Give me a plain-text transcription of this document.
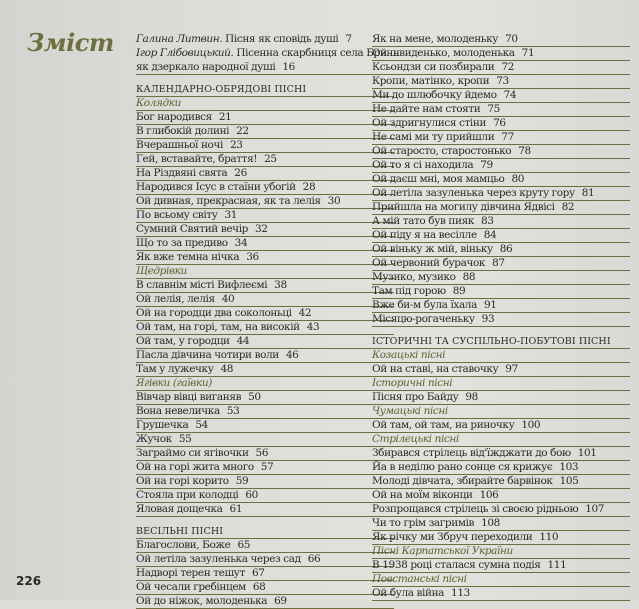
Зміст Галина Литвин. Пісня як сповідь душі 7
Ігор Глібовицький. Пісенна скарбниця села Бринь
як дзеркало народної душі 16
КАЛЕНДАРНО-ОБРЯДОВІ ПІСНІ
Колядки
Бог народився 21
В глибокій долині 22
Вчерашньої ночі 23
Гей, вставайте, браття! 25
На Різдвяні свята 26
Народився Ісус в стаїни убогій 28
Ой дивная, прекрасная, як та лелія 30
По всьому світу 31
Сумний Святий вечір 32
Що то за предиво 34
Як вже темна нічка 36
Щедрівки
В славнім місті Вифлеємі 38
Ой лелія, лелія 40
Ой на городци два соколоньці 42
Ой там, на горі, там, на високій 43
Ой там, у городци 44
Пасла дівчина чотири воли 46
Там у лужечку 48
Ягівки (гаївки)
Вівчар вівці виганяв 50
Вона невеличка 53
Грушечка 54
Жучок 55
Заграймо си ягівочки 56
Ой на горі жита много 57
Ой на горі корито 59
Стояла при колодці 60
Яловая дощечка 61
ВЕСІЛЬНІ ПІСНІ
Благослови, Боже 65
Ой летіла зазуленька через сад 66
Надворі терен тешут 67
Ой чесали гребінцем 68
Ой до ніжок, молоденька 69
Як на мене, молоденьку 70
Ой швиденько, молоденька 71
Ксьондзи си позбирали 72
Кропи, матінко, кропи 73
Ми до шлюбочку йдемо 74
Не дайте нам стояти 75
Ой здригнулися стіни 76
Не самі ми ту прийшли 77
Ой старосто, старостонько 78
Ой то я сі находила 79
Ой даєш мні, моя мамцьо 80
Ой летіла зазуленька через круту гору 81
Прийшла на могилу дівчина Ядвісі 82
А мій тато був пияк 83
Ой піду я на весілле 84
Ой віньку ж мій, віньку 86
Ой червоний бурачок 87
Музико, музико 88
Там під горою 89
Вже би-м була їхала 91
Місяцю-рогаченьку 93
ІСТОРИЧНІ ТА СУСПІЛЬНО-ПОБУТОВІ ПІСНІ
Козацькі пісні
Ой на ставі, на ставочку 97
Історичні пісні
Пісня про Байду 98
Чумацькі пісні
Ой там, ой там, на риночку 100
Стрілецькі пісні
Збирався стрілець від'їжджати до бою 101
Йа в неділю рано сонце ся крижує 103
Молоді дівчата, збирайте барвінок 105
Ой на моїм віконци 106
Розпрощався стрілець зі своєю рідньою 107
Чи то грім загримів 108
Як річку ми Збруч переходили 110
Пісні Карпатської України
В 1938 році сталася сумна подія 111
Повстанські пісні
Ой була війна 113
226
